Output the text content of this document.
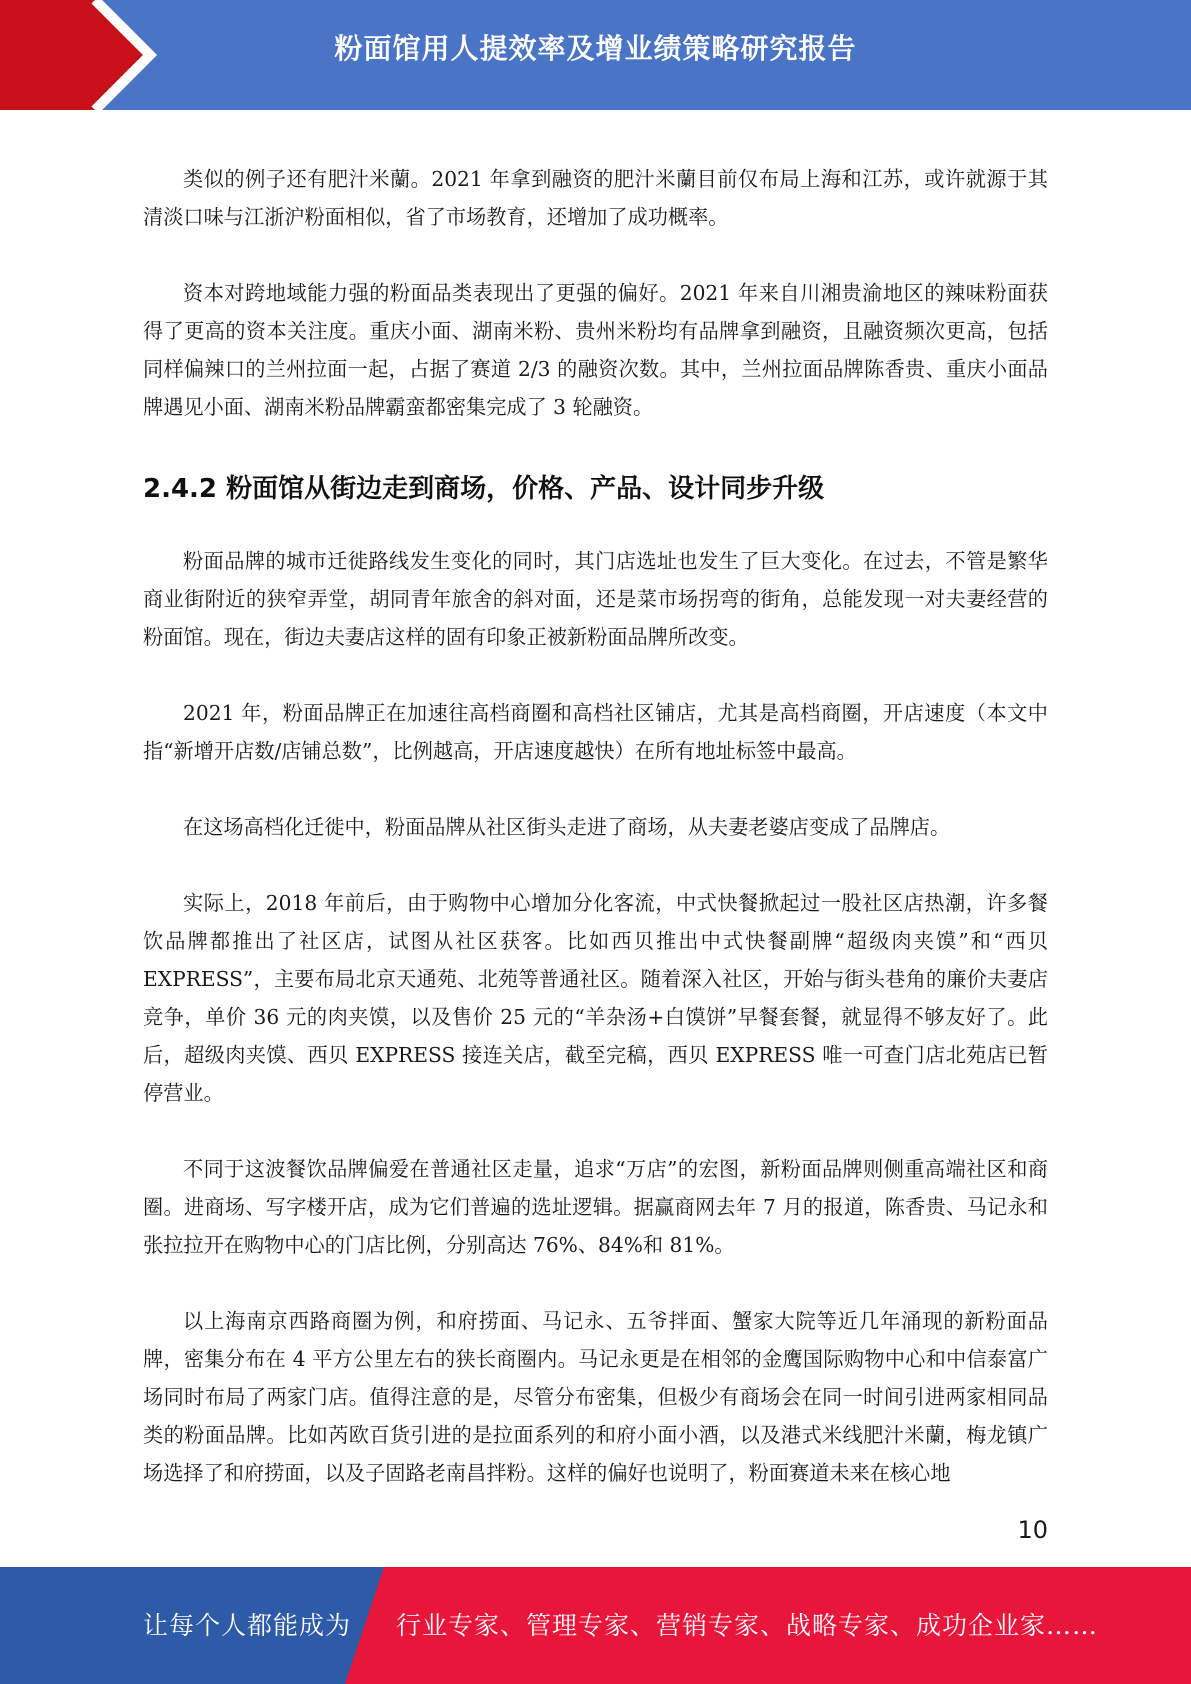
粉面馆用人提效率及增业绩策略研究报告

类似的例子还有肥汁米蘭。2021 年拿到融资的肥汁米蘭目前仅布局上海和江苏，或许就源于其清淡口味与江浙沪粉面相似，省了市场教育，还增加了成功概率。

资本对跨地域能力强的粉面品类表现出了更强的偏好。2021 年来自川湘贵渝地区的辣味粉面获得了更高的资本关注度。重庆小面、湖南米粉、贵州米粉均有品牌拿到融资，且融资频次更高，包括同样偏辣口的兰州拉面一起，占据了赛道 2/3 的融资次数。其中，兰州拉面品牌陈香贵、重庆小面品牌遇见小面、湖南米粉品牌霸蛮都密集完成了 3 轮融资。

2.4.2 粉面馆从街边走到商场，价格、产品、设计同步升级

粉面品牌的城市迁徙路线发生变化的同时，其门店选址也发生了巨大变化。在过去，不管是繁华商业街附近的狭窄弄堂，胡同青年旅舍的斜对面，还是菜市场拐弯的街角，总能发现一对夫妻经营的粉面馆。现在，街边夫妻店这样的固有印象正被新粉面品牌所改变。

2021 年，粉面品牌正在加速往高档商圈和高档社区铺店，尤其是高档商圈，开店速度（本文中指“新增开店数/店铺总数”，比例越高，开店速度越快）在所有地址标签中最高。

在这场高档化迁徙中，粉面品牌从社区街头走进了商场，从夫妻老婆店变成了品牌店。

实际上，2018 年前后，由于购物中心增加分化客流，中式快餐掀起过一股社区店热潮，许多餐饮品牌都推出了社区店，试图从社区获客。比如西贝推出中式快餐副牌“超级肉夹馍”和“西贝 EXPRESS”，主要布局北京天通苑、北苑等普通社区。随着深入社区，开始与街头巷角的廉价夫妻店竞争，单价 36 元的肉夹馍，以及售价 25 元的“羊杂汤+白馍饼”早餐套餐，就显得不够友好了。此后，超级肉夹馍、西贝 EXPRESS 接连关店，截至完稿，西贝 EXPRESS 唯一可查门店北苑店已暂停营业。

不同于这波餐饮品牌偏爱在普通社区走量，追求“万店”的宏图，新粉面品牌则侧重高端社区和商圈。进商场、写字楼开店，成为它们普遍的选址逻辑。据赢商网去年 7 月的报道，陈香贵、马记永和张拉拉开在购物中心的门店比例，分别高达 76%、84%和 81%。

以上海南京西路商圈为例，和府捞面、马记永、五爷拌面、蟹家大院等近几年涌现的新粉面品牌，密集分布在 4 平方公里左右的狭长商圈内。马记永更是在相邻的金鹰国际购物中心和中信泰富广场同时布局了两家门店。值得注意的是，尽管分布密集，但极少有商场会在同一时间引进两家相同品类的粉面品牌。比如芮欧百货引进的是拉面系列的和府小面小酒，以及港式米线肥汁米蘭，梅龙镇广场选择了和府捞面，以及子固路老南昌拌粉。这样的偏好也说明了，粉面赛道未来在核心地

10
让每个人都能成为 行业专家、管理专家、营销专家、战略专家、成功企业家……
